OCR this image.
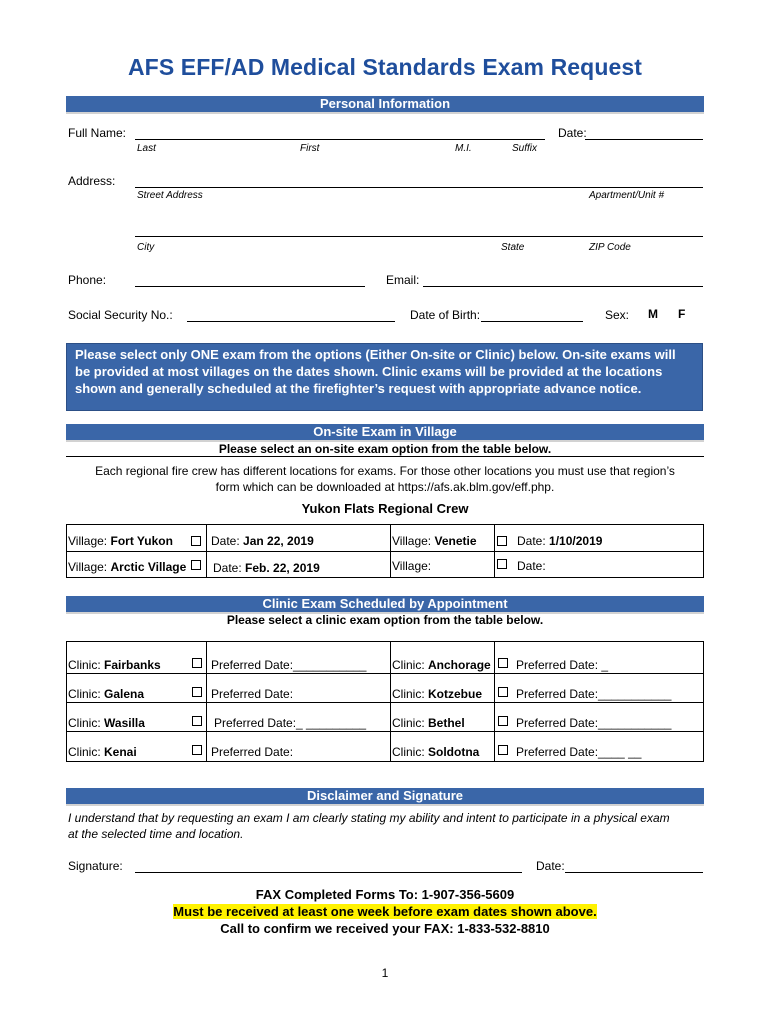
AFS EFF/AD Medical Standards Exam Request
Personal Information
Full Name:	Date:
Last	First	M.I.	Suffix
Address:
Street Address	Apartment/Unit #
City	State	ZIP Code
Phone:	Email:
Social Security No.:	Date of Birth:	Sex: M F
Please select only ONE exam from the options (Either On-site or Clinic) below. On-site exams will be provided at most villages on the dates shown. Clinic exams will be provided at the locations shown and generally scheduled at the firefighter’s request with appropriate advance notice.
On-site Exam in Village
Please select an on-site exam option from the table below.
Each regional fire crew has different locations for exams. For those other locations you must use that region’s
form which can be downloaded at https://afs.ak.blm.gov/eff.php.
Yukon Flats Regional Crew
Village: Fort Yukon	Date: Jan 22, 2019	Village: Venetie	Date: 1/10/2019
Village: Arctic Village Date: Feb. 22, 2019	Village:	Date:
Clinic Exam Scheduled by Appointment
Please select a clinic exam option from the table below.
Clinic: Fairbanks	Preferred Date:___________ Clinic: Anchorage Preferred Date: _
Clinic: Galena	Preferred Date:	Clinic: Kotzebue	Preferred Date:___________
Clinic: Wasilla	Preferred Date:_ _________ Clinic: Bethel	Preferred Date:___________
Clinic: Kenai	Preferred Date:	Clinic: Soldotna	Preferred Date:____ __
Disclaimer and Signature
I understand that by requesting an exam I am clearly stating my ability and intent to participate in a physical exam
at the selected time and location.
Signature:	Date:
FAX Completed Forms To: 1-907-356-5609
Must be received at least one week before exam dates shown above.
Call to confirm we received your FAX: 1-833-532-8810
1
